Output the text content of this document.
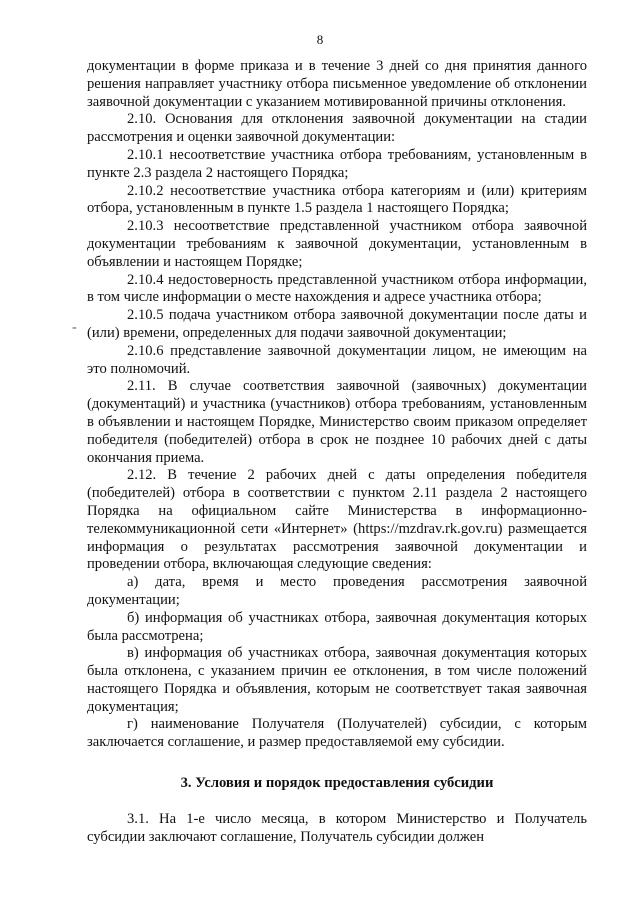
8
-

документации в форме приказа и в течение 3 дней со дня принятия данного решения направляет участнику отбора письменное уведомление об отклонении заявочной документации с указанием мотивированной причины отклонения.

2.10. Основания для отклонения заявочной документации на стадии рассмотрения и оценки заявочной документации:

2.10.1 несоответствие участника отбора требованиям, установленным в пункте 2.3 раздела 2 настоящего Порядка;

2.10.2 несоответствие участника отбора категориям и (или) критериям отбора, установленным в пункте 1.5 раздела 1 настоящего Порядка;

2.10.3 несоответствие представленной участником отбора заявочной документации требованиям к заявочной документации, установленным в объявлении и настоящем Порядке;

2.10.4 недостоверность представленной участником отбора информации, в том числе информации о месте нахождения и адресе участника отбора;

2.10.5 подача участником отбора заявочной документации после даты и (или) времени, определенных для подачи заявочной документации;

2.10.6 представление заявочной документации лицом, не имеющим на это полномочий.

2.11. В случае соответствия заявочной (заявочных) документации (документаций) и участника (участников) отбора требованиям, установленным в объявлении и настоящем Порядке, Министерство своим приказом определяет победителя (победителей) отбора в срок не позднее 10 рабочих дней с даты окончания приема.

2.12. В течение 2 рабочих дней с даты определения победителя (победителей) отбора в соответствии с пунктом 2.11 раздела 2 настоящего Порядка на официальном сайте Министерства в информационно-телекоммуникационной сети «Интернет» (https://mzdrav.rk.gov.ru) размещается информация о результатах рассмотрения заявочной документации и проведении отбора, включающая следующие сведения:

а) дата, время и место проведения рассмотрения заявочной документации;

б) информация об участниках отбора, заявочная документация которых была рассмотрена;

в) информация об участниках отбора, заявочная документация которых была отклонена, с указанием причин ее отклонения, в том числе положений настоящего Порядка и объявления, которым не соответствует такая заявочная документация;

г) наименование Получателя (Получателей) субсидии, с которым заключается соглашение, и размер предоставляемой ему субсидии.

3. Условия и порядок предоставления субсидии

3.1. На 1-е число месяца, в котором Министерство и Получатель субсидии заключают соглашение, Получатель субсидии должен
